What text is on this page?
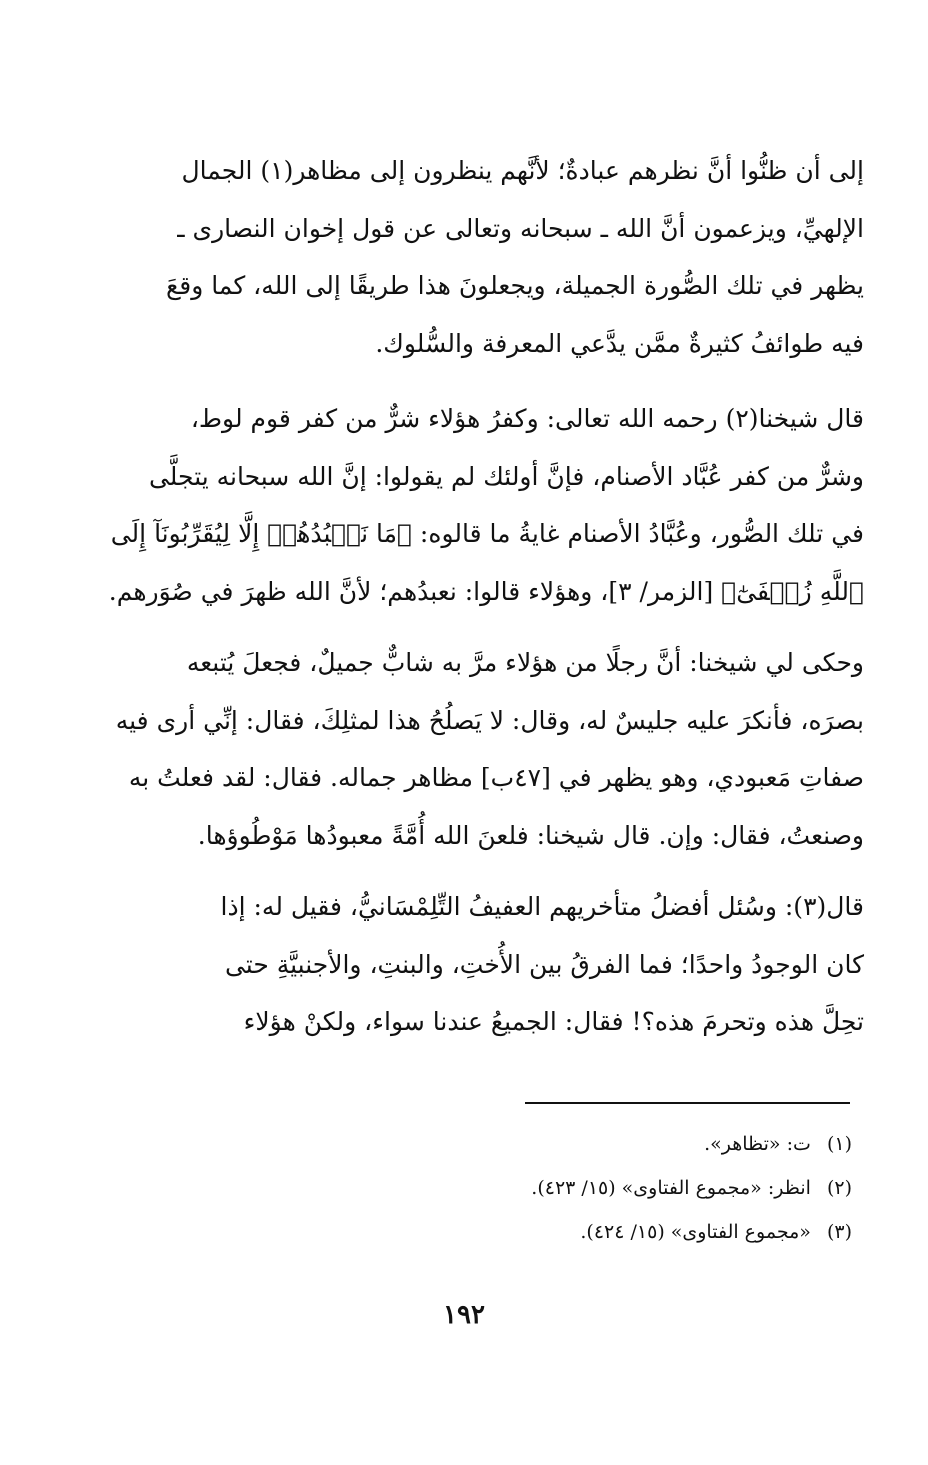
إلى أن ظنُّوا أنَّ نظرهم عبادةٌ؛ لأنَّهم ينظرون إلى مظاهر(١) الجمال
الإلهيِّ، ويزعمون أنَّ الله ـ سبحانه وتعالى عن قول إخوان النصارى ـ
يظهر في تلك الصُّورة الجميلة، ويجعلونَ هذا طريقًا إلى الله، كما وقعَ
فيه طوائفُ كثيرةٌ ممَّن يدَّعي المعرفة والسُّلوك.

قال شيخنا(٢) رحمه الله تعالى: وكفرُ هؤلاء شرٌّ من كفر قوم لوط،
وشرٌّ من كفر عُبَّاد الأصنام، فإنَّ أولئك لم يقولوا: إنَّ الله سبحانه يتجلَّى
في تلك الصُّور، وعُبَّادُ الأصنام غايةُ ما قالوه: ﴿مَا نَعۡبُدُهُمۡ إِلَّا لِيُقَرِّبُونَآ إِلَى
ٱللَّهِ زُلۡفَىٰٓ﴾ [الزمر/ ٣]، وهؤلاء قالوا: نعبدُهم؛ لأنَّ الله ظهرَ في صُوَرهم.

وحكى لي شيخنا: أنَّ رجلًا من هؤلاء مرَّ به شابٌّ جميلٌ، فجعلَ يُتبعه
بصرَه، فأنكرَ عليه جليسٌ له، وقال: لا يَصلُحُ هذا لمثلِكَ، فقال: إنِّي أرى فيه
صفاتِ مَعبودي، وهو يظهر في [٤٧ب] مظاهر جماله. فقال: لقد فعلتُ به
وصنعتُ، فقال: وإن. قال شيخنا: فلعنَ الله أُمَّةً معبودُها مَوْطُوؤها.

قال(٣): وسُئل أفضلُ متأخريهم العفيفُ التِّلِمْسَانيُّ، فقيل له: إذا
كان الوجودُ واحدًا؛ فما الفرقُ بين الأُختِ، والبنتِ، والأجنبيَّةِ حتى
تحِلَّ هذه وتحرمَ هذه؟! فقال: الجميعُ عندنا سواء، ولكنْ هؤلاء

(١) ت: «تظاهر».
(٢) انظر: «مجموع الفتاوى» (١٥/ ٤٢٣).
(٣) «مجموع الفتاوى» (١٥/ ٤٢٤).
١٩٢
